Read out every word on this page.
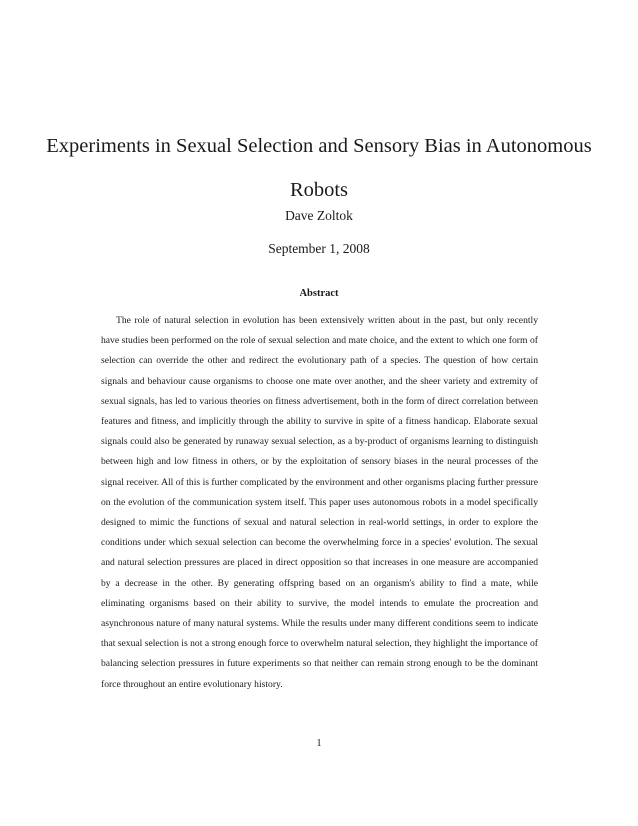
Experiments in Sexual Selection and Sensory Bias in Autonomous Robots
Dave Zoltok
September 1, 2008
Abstract

The role of natural selection in evolution has been extensively written about in the past, but only recently have studies been performed on the role of sexual selection and mate choice, and the extent to which one form of selection can override the other and redirect the evolutionary path of a species. The question of how certain signals and behaviour cause organisms to choose one mate over another, and the sheer variety and extremity of sexual signals, has led to various theories on fitness advertisement, both in the form of direct correlation between features and fitness, and implicitly through the ability to survive in spite of a fitness handicap. Elaborate sexual signals could also be generated by runaway sexual selection, as a by-product of organisms learning to distinguish between high and low fitness in others, or by the exploitation of sensory biases in the neural processes of the signal receiver. All of this is further complicated by the environment and other organisms placing further pressure on the evolution of the communication system itself. This paper uses autonomous robots in a model specifically designed to mimic the functions of sexual and natural selection in real-world settings, in order to explore the conditions under which sexual selection can become the overwhelming force in a species' evolution. The sexual and natural selection pressures are placed in direct opposition so that increases in one measure are accompanied by a decrease in the other. By generating offspring based on an organism's ability to find a mate, while eliminating organisms based on their ability to survive, the model intends to emulate the procreation and asynchronous nature of many natural systems. While the results under many different conditions seem to indicate that sexual selection is not a strong enough force to overwhelm natural selection, they highlight the importance of balancing selection pressures in future experiments so that neither can remain strong enough to be the dominant force throughout an entire evolutionary history.

1
